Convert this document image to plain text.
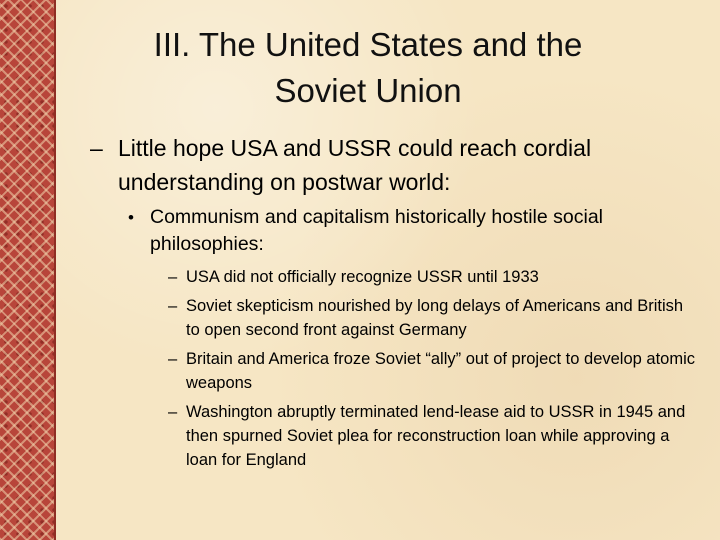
III. The United States and the
Soviet Union
– Little hope USA and USSR could reach cordial understanding on postwar world:
• Communism and capitalism historically hostile social philosophies:
– USA did not officially recognize USSR until 1933
– Soviet skepticism nourished by long delays of Americans and British to open second front against Germany
– Britain and America froze Soviet “ally” out of project to develop atomic weapons
– Washington abruptly terminated lend-lease aid to USSR in 1945 and then spurned Soviet plea for reconstruction loan while approving a loan for England
